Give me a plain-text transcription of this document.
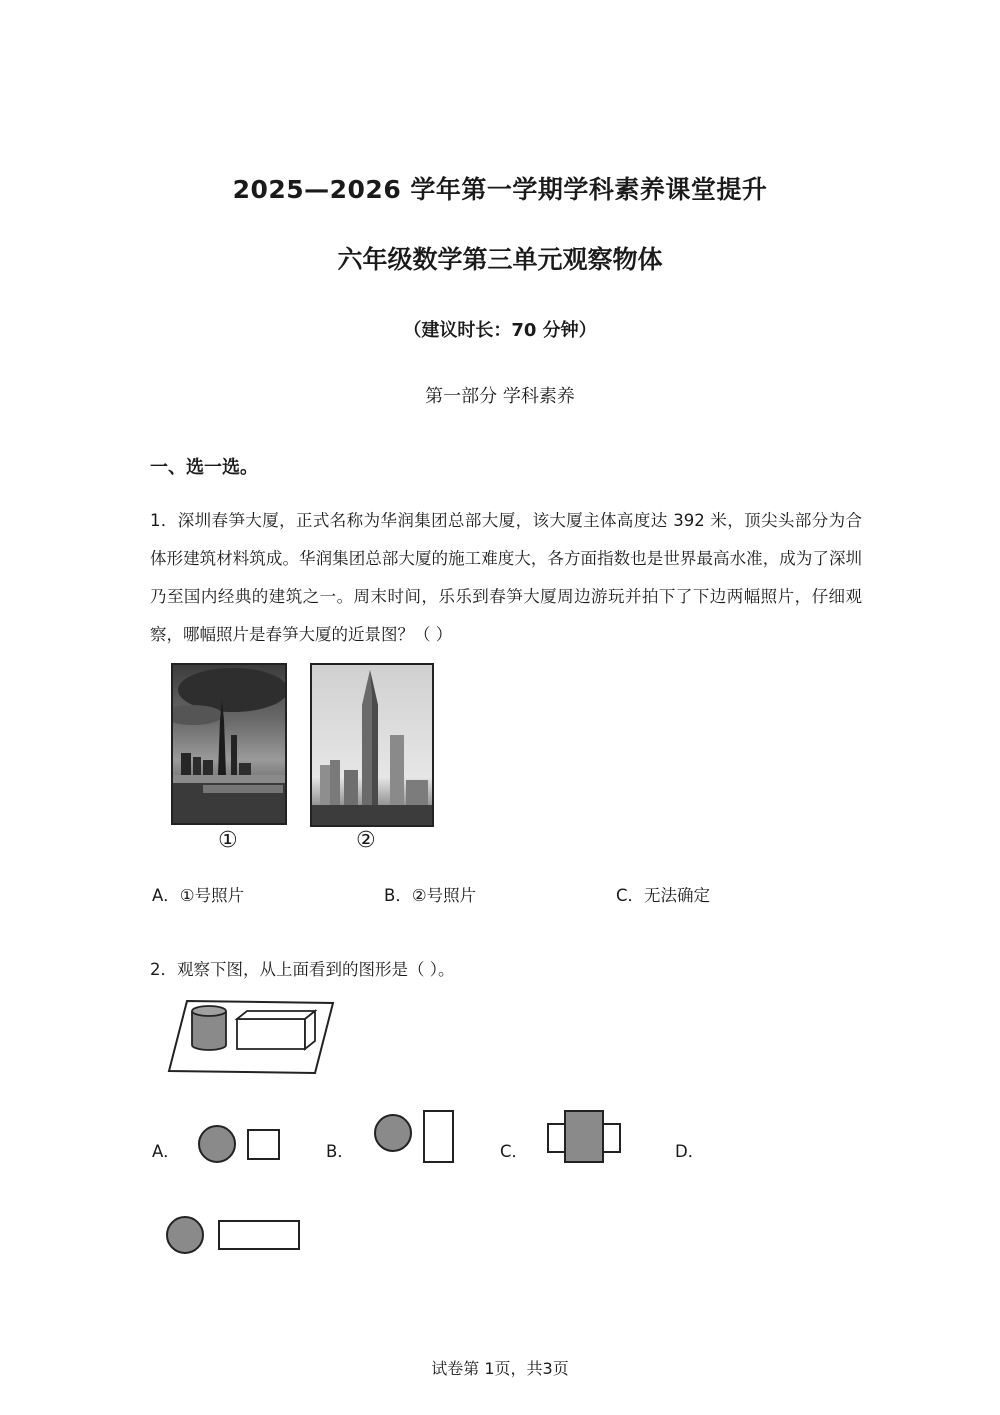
2025—2026 学年第一学期学科素养课堂提升
六年级数学第三单元观察物体
（建议时长：70 分钟）
第一部分 学科素养
一、选一选。
1．深圳春笋大厦，正式名称为华润集团总部大厦，该大厦主体高度达 392 米，顶尖头部分为合体形建筑材料筑成。华润集团总部大厦的施工难度大，各方面指数也是世界最高水准，成为了深圳乃至国内经典的建筑之一。周末时间，乐乐到春笋大厦周边游玩并拍下了下边两幅照片，仔细观察，哪幅照片是春笋大厦的近景图？（ ）
①	②
A．①号照片	B．②号照片	C．无法确定
2．观察下图，从上面看到的图形是（ ）。
A．	B．	C．	D．
试卷第 1页，共3页
